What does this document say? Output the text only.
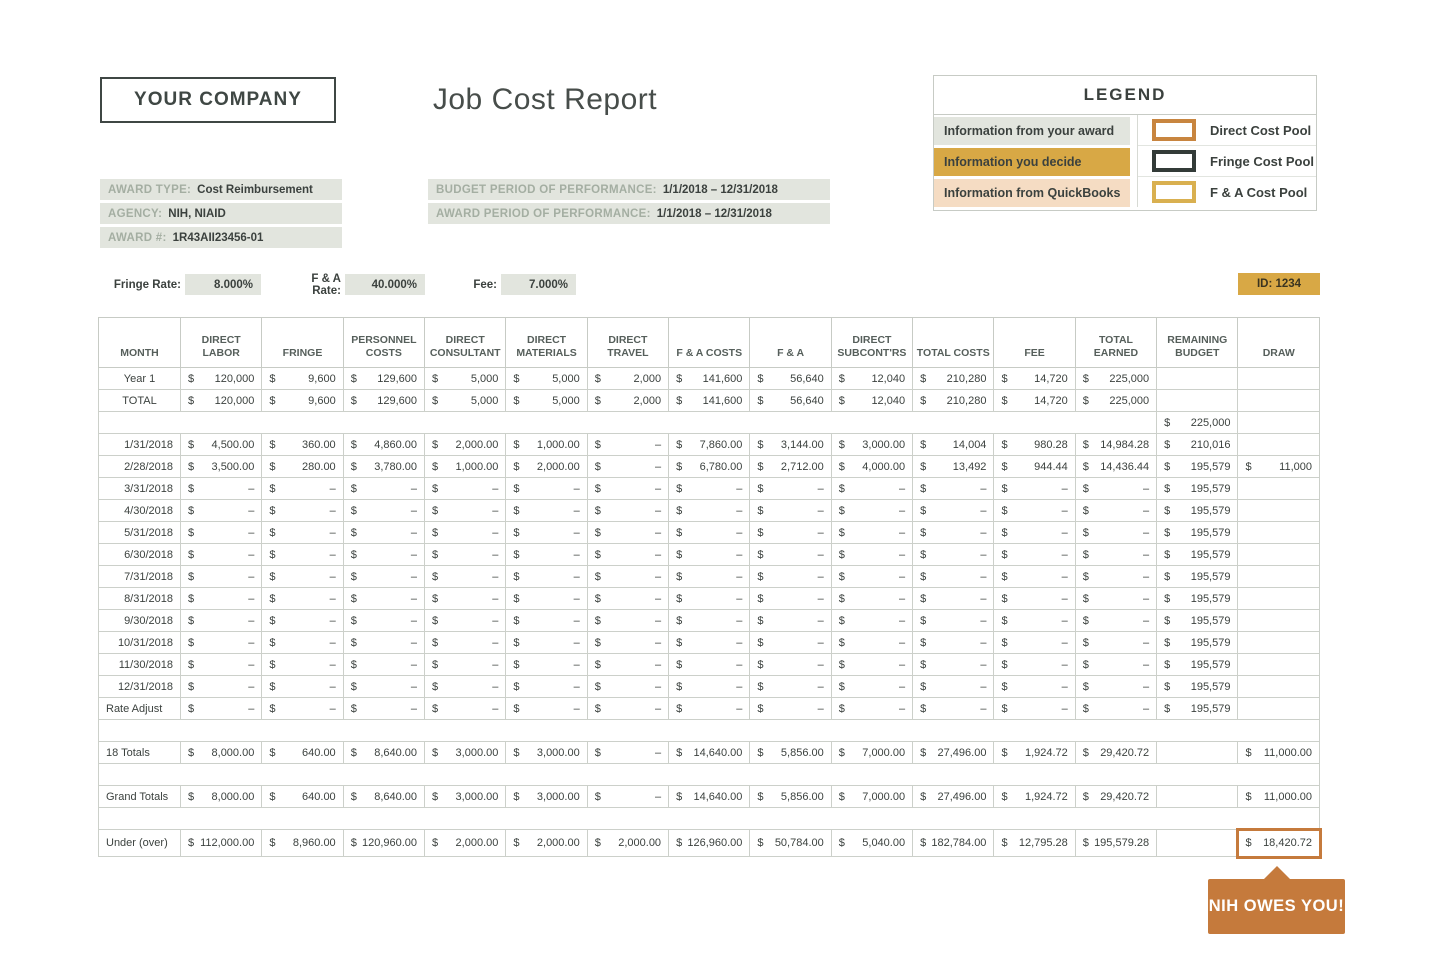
YOUR COMPANY	Job Cost Report	LEGEND
Information from your award	Direct Cost Pool
Information you decide	Fringe Cost Pool
Information from QuickBooks	F & A Cost Pool
AWARD TYPE: Cost Reimbursement
AGENCY: NIH, NIAID
AWARD #: 1R43AII23456-01
BUDGET PERIOD OF PERFORMANCE: 1/1/2018 – 12/31/2018
AWARD PERIOD OF PERFORMANCE: 1/1/2018 – 12/31/2018
Fringe Rate:	8.000%	F & A Rate:	40.000%	Fee:	7.000%	ID: 1234
MONTH	DIRECT LABOR	FRINGE	PERSONNEL COSTS	DIRECT CONSULTANT	DIRECT MATERIALS	DIRECT TRAVEL	F & A COSTS	F & A	DIRECT SUBCONT'RS	TOTAL COSTS	FEE	TOTAL EARNED	REMAINING BUDGET	DRAW
Year 1	$ 120,000	$ 9,600	$ 129,600	$ 5,000	$ 5,000	$ 2,000	$ 141,600	$ 56,640	$ 12,040	$ 210,280	$ 14,720	$ 225,000		
TOTAL	$ 120,000	$ 9,600	$ 129,600	$ 5,000	$ 5,000	$ 2,000	$ 141,600	$ 56,640	$ 12,040	$ 210,280	$ 14,720	$ 225,000		

													$ 225,000	
1/31/2018	$ 4,500.00	$ 360.00	$ 4,860.00	$ 2,000.00	$ 1,000.00	$ –	$ 7,860.00	$ 3,144.00	$ 3,000.00	$ 14,004	$ 980.28	$ 14,984.28	$ 210,016	
2/28/2018	$ 3,500.00	$ 280.00	$ 3,780.00	$ 1,000.00	$ 2,000.00	$ –	$ 6,780.00	$ 2,712.00	$ 4,000.00	$ 13,492	$ 944.44	$ 14,436.44	$ 195,579	$ 11,000
3/31/2018	$ –	$ –	$ –	$ –	$ –	$ –	$ –	$ –	$ –	$ –	$ –	$ –	$ 195,579	
4/30/2018	$ –	$ –	$ –	$ –	$ –	$ –	$ –	$ –	$ –	$ –	$ –	$ –	$ 195,579	
5/31/2018	$ –	$ –	$ –	$ –	$ –	$ –	$ –	$ –	$ –	$ –	$ –	$ –	$ 195,579	
6/30/2018	$ –	$ –	$ –	$ –	$ –	$ –	$ –	$ –	$ –	$ –	$ –	$ –	$ 195,579	
7/31/2018	$ –	$ –	$ –	$ –	$ –	$ –	$ –	$ –	$ –	$ –	$ –	$ –	$ 195,579	
8/31/2018	$ –	$ –	$ –	$ –	$ –	$ –	$ –	$ –	$ –	$ –	$ –	$ –	$ 195,579	
9/30/2018	$ –	$ –	$ –	$ –	$ –	$ –	$ –	$ –	$ –	$ –	$ –	$ –	$ 195,579	
10/31/2018	$ –	$ –	$ –	$ –	$ –	$ –	$ –	$ –	$ –	$ –	$ –	$ –	$ 195,579	
11/30/2018	$ –	$ –	$ –	$ –	$ –	$ –	$ –	$ –	$ –	$ –	$ –	$ –	$ 195,579	
12/31/2018	$ –	$ –	$ –	$ –	$ –	$ –	$ –	$ –	$ –	$ –	$ –	$ –	$ 195,579	
Rate Adjust	$ –	$ –	$ –	$ –	$ –	$ –	$ –	$ –	$ –	$ –	$ –	$ –	$ 195,579	

18 Totals	$ 8,000.00	$ 640.00	$ 8,640.00	$ 3,000.00	$ 3,000.00	$ –	$ 14,640.00	$ 5,856.00	$ 7,000.00	$ 27,496.00	$ 1,924.72	$ 29,420.72		$ 11,000.00

Grand Totals	$ 8,000.00	$ 640.00	$ 8,640.00	$ 3,000.00	$ 3,000.00	$ –	$ 14,640.00	$ 5,856.00	$ 7,000.00	$ 27,496.00	$ 1,924.72	$ 29,420.72		$ 11,000.00

Under (over)	$ 112,000.00	$ 8,960.00	$ 120,960.00	$ 2,000.00	$ 2,000.00	$ 2,000.00	$ 126,960.00	$ 50,784.00	$ 5,040.00	$ 182,784.00	$ 12,795.28	$ 195,579.28		$ 18,420.72
NIH OWES YOU!
